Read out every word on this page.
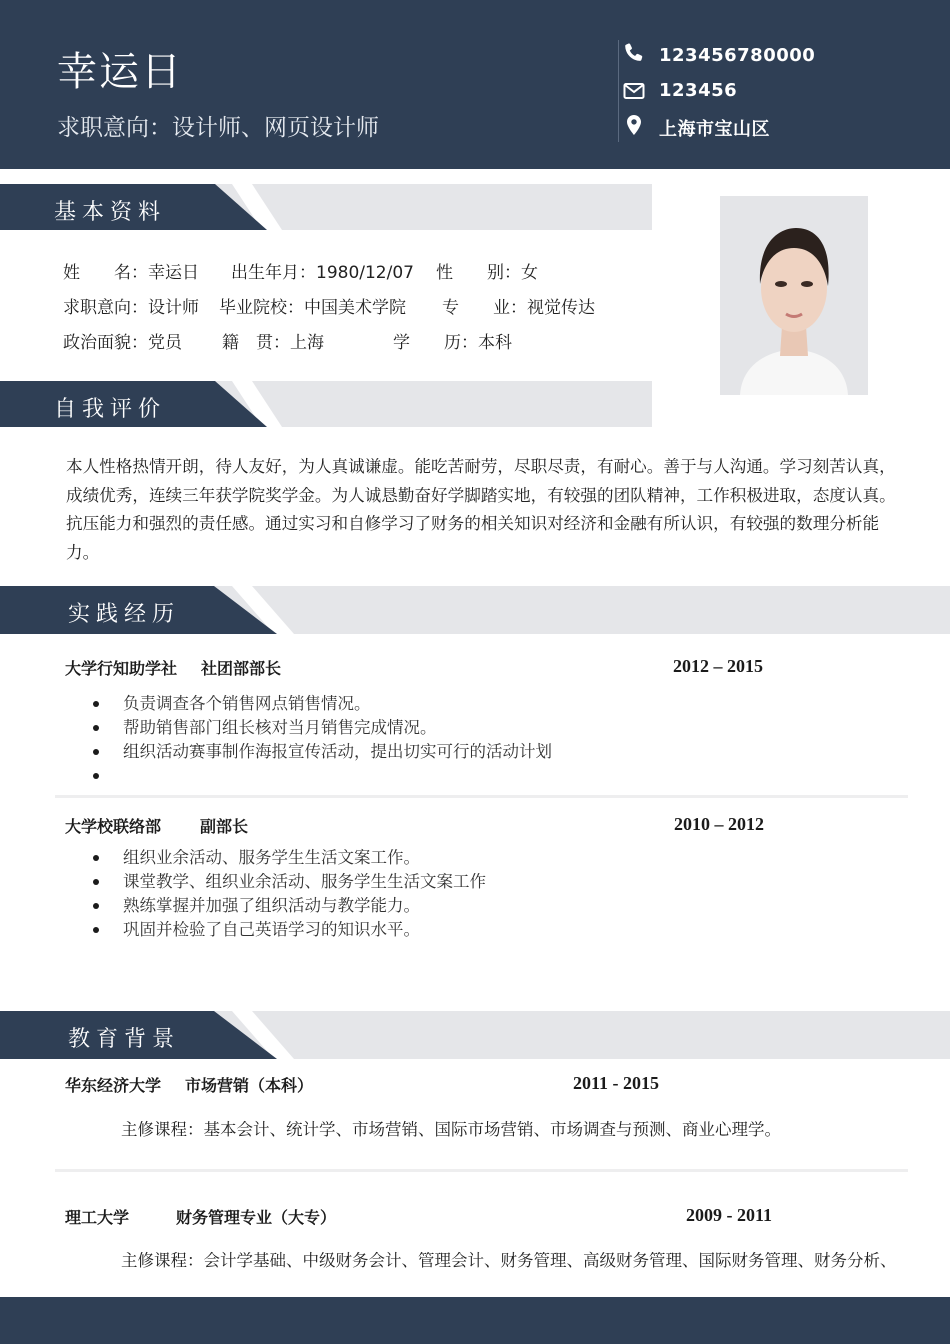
幸运日
求职意向：设计师、网页设计师
123456780000
123456
上海市宝山区
基本资料
姓　　名：幸运日 出生年月：1980/12/07 性　　别：女
求职意向：设计师 毕业院校：中国美术学院 专　　业：视觉传达
政治面貌：党员 籍　贯：上海	学　　历：本科
自我评价
本人性格热情开朗，待人友好，为人真诚谦虚。能吃苦耐劳，尽职尽责，有耐心。善于与人沟通。学习刻苦认真，成绩优秀，连续三年获学院奖学金。为人诚恳勤奋好学脚踏实地，有较强的团队精神，工作积极进取，态度认真。抗压能力和强烈的责任感。通过实习和自修学习了财务的相关知识对经济和金融有所认识，有较强的数理分析能力。
实践经历
大学行知助学社 社团部部长	2012 – 2015
负责调查各个销售网点销售情况。
帮助销售部门组长核对当月销售完成情况。
组织活动赛事制作海报宣传活动，提出切实可行的活动计划
大学校联络部 副部长	2010 – 2012
组织业余活动、服务学生生活文案工作。
课堂教学、组织业余活动、服务学生生活文案工作
熟练掌握并加强了组织活动与教学能力。
巩固并检验了自己英语学习的知识水平。
教育背景
华东经济大学 市场营销（本科）	2011 - 2015
主修课程：基本会计、统计学、市场营销、国际市场营销、市场调查与预测、商业心理学。
理工大学	财务管理专业（大专）	2009 - 2011
主修课程：会计学基础、中级财务会计、管理会计、财务管理、高级财务管理、国际财务管理、财务分析、
